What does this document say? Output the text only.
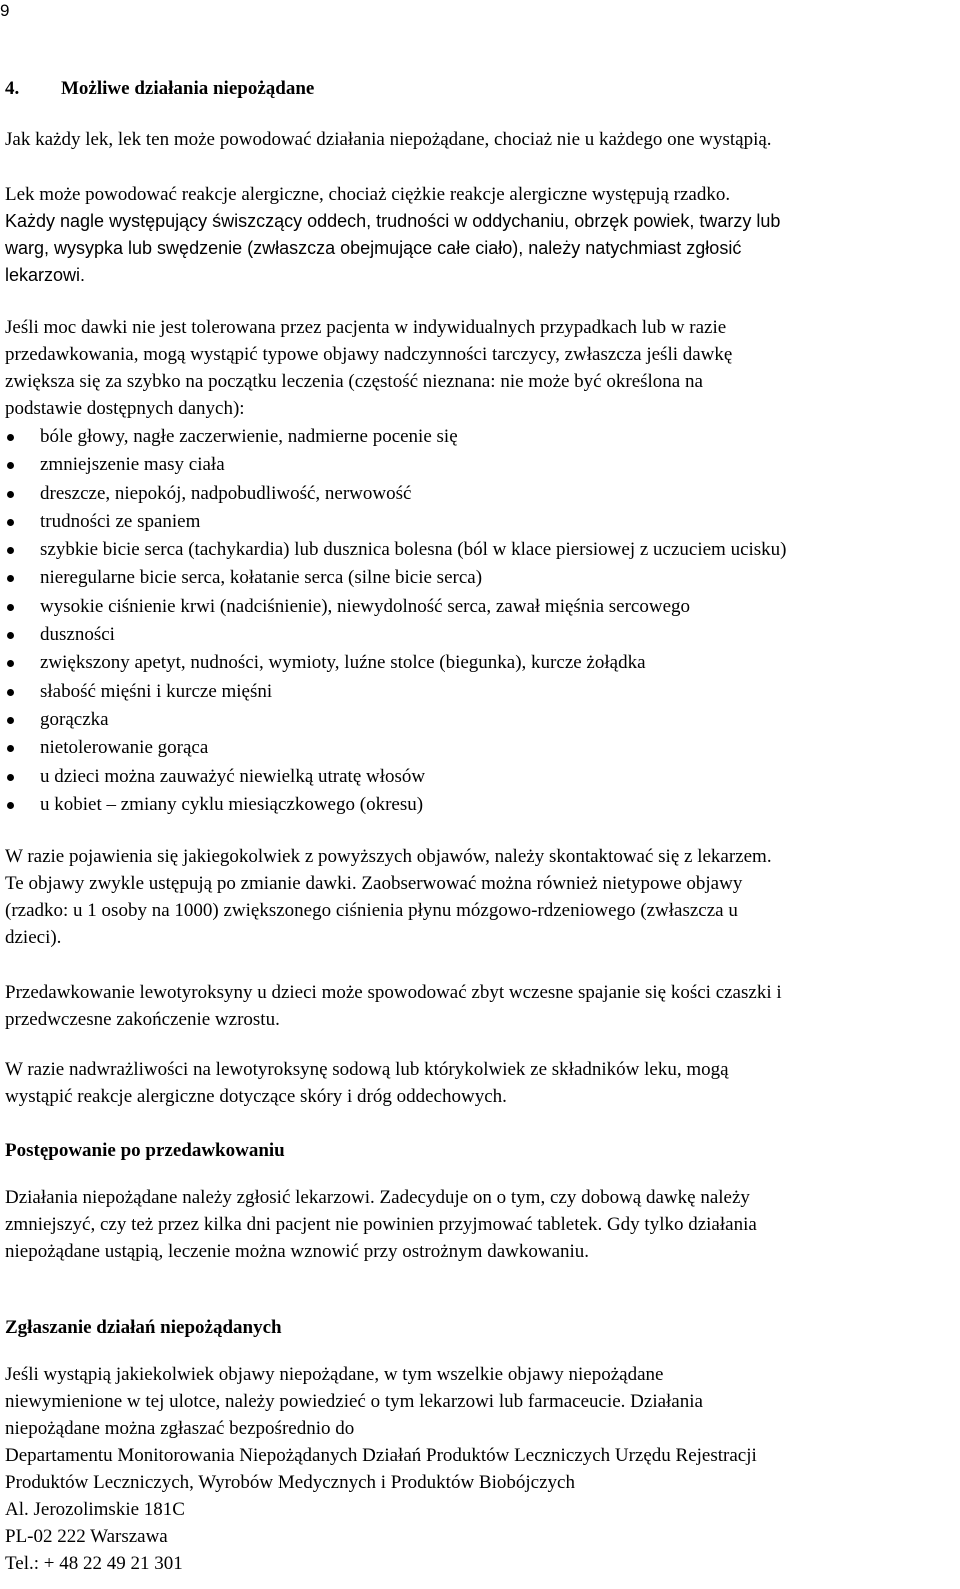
9
4. Możliwe działania niepożądane
Jak każdy lek, lek ten może powodować działania niepożądane, chociaż nie u każdego one wystąpią.
Lek może powodować reakcje alergiczne, chociaż ciężkie reakcje alergiczne występują rzadko.
Każdy nagle występujący świszczący oddech, trudności w oddychaniu, obrzęk powiek, twarzy lub
warg, wysypka lub swędzenie (zwłaszcza obejmujące całe ciało), należy natychmiast zgłosić
lekarzowi.
Jeśli moc dawki nie jest tolerowana przez pacjenta w indywidualnych przypadkach lub w razie
przedawkowania, mogą wystąpić typowe objawy nadczynności tarczycy, zwłaszcza jeśli dawkę
zwiększa się za szybko na początku leczenia (częstość nieznana: nie może być określona na
podstawie dostępnych danych):
bóle głowy, nagłe zaczerwienie, nadmierne pocenie się
zmniejszenie masy ciała
dreszcze, niepokój, nadpobudliwość, nerwowość
trudności ze spaniem
szybkie bicie serca (tachykardia) lub dusznica bolesna (ból w klace piersiowej z uczuciem ucisku)
nieregularne bicie serca, kołatanie serca (silne bicie serca)
wysokie ciśnienie krwi (nadciśnienie), niewydolność serca, zawał mięśnia sercowego
duszności
zwiększony apetyt, nudności, wymioty, luźne stolce (biegunka), kurcze żołądka
słabość mięśni i kurcze mięśni
gorączka
nietolerowanie gorąca
u dzieci można zauważyć niewielką utratę włosów
u kobiet – zmiany cyklu miesiączkowego (okresu)
W razie pojawienia się jakiegokolwiek z powyższych objawów, należy skontaktować się z lekarzem.
Te objawy zwykle ustępują po zmianie dawki. Zaobserwować można również nietypowe objawy
(rzadko: u 1 osoby na 1000) zwiększonego ciśnienia płynu mózgowo-rdzeniowego (zwłaszcza u
dzieci).
Przedawkowanie lewotyroksyny u dzieci może spowodować zbyt wczesne spajanie się kości czaszki i
przedwczesne zakończenie wzrostu.
W razie nadwrażliwości na lewotyroksynę sodową lub którykolwiek ze składników leku, mogą
wystąpić reakcje alergiczne dotyczące skóry i dróg oddechowych.
Postępowanie po przedawkowaniu
Działania niepożądane należy zgłosić lekarzowi. Zadecyduje on o tym, czy dobową dawkę należy
zmniejszyć, czy też przez kilka dni pacjent nie powinien przyjmować tabletek. Gdy tylko działania
niepożądane ustąpią, leczenie można wznowić przy ostrożnym dawkowaniu.
Zgłaszanie działań niepożądanych
Jeśli wystąpią jakiekolwiek objawy niepożądane, w tym wszelkie objawy niepożądane
niewymienione w tej ulotce, należy powiedzieć o tym lekarzowi lub farmaceucie. Działania
niepożądane można zgłaszać bezpośrednio do
Departamentu Monitorowania Niepożądanych Działań Produktów Leczniczych Urzędu Rejestracji
Produktów Leczniczych, Wyrobów Medycznych i Produktów Biobójczych
Al. Jerozolimskie 181C
PL-02 222 Warszawa
Tel.: + 48 22 49 21 301
